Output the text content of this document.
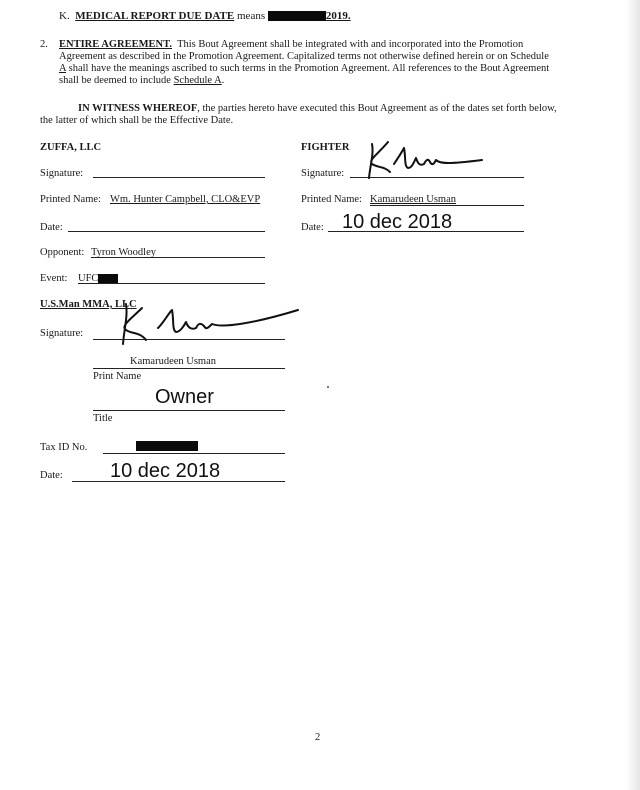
K. MEDICAL REPORT DUE DATE means	2019.
2. ENTIRE AGREEMENT. This Bout Agreement shall be integrated with and incorporated into the Promotion
Agreement as described in the Promotion Agreement. Capitalized terms not otherwise defined herein or on Schedule
A shall have the meanings ascribed to such terms in the Promotion Agreement. All references to the Bout Agreement
shall be deemed to include Schedule A.
IN WITNESS WHEREOF, the parties hereto have executed this Bout Agreement as of the dates set forth below,
the latter of which shall be the Effective Date.
ZUFFA, LLC
Signature:
Printed Name: Wm. Hunter Campbell, CLO&EVP
Date:
Opponent: Tyron Woodley
Event: UFC
FIGHTER
Signature:
Printed Name: Kamarudeen Usman
Date: 10 dec 2018
U.S.Man MMA, LLC
Signature:
Kamarudeen Usman
Print Name
Owner
Title
Tax ID No.
Date: 10 dec 2018
2
